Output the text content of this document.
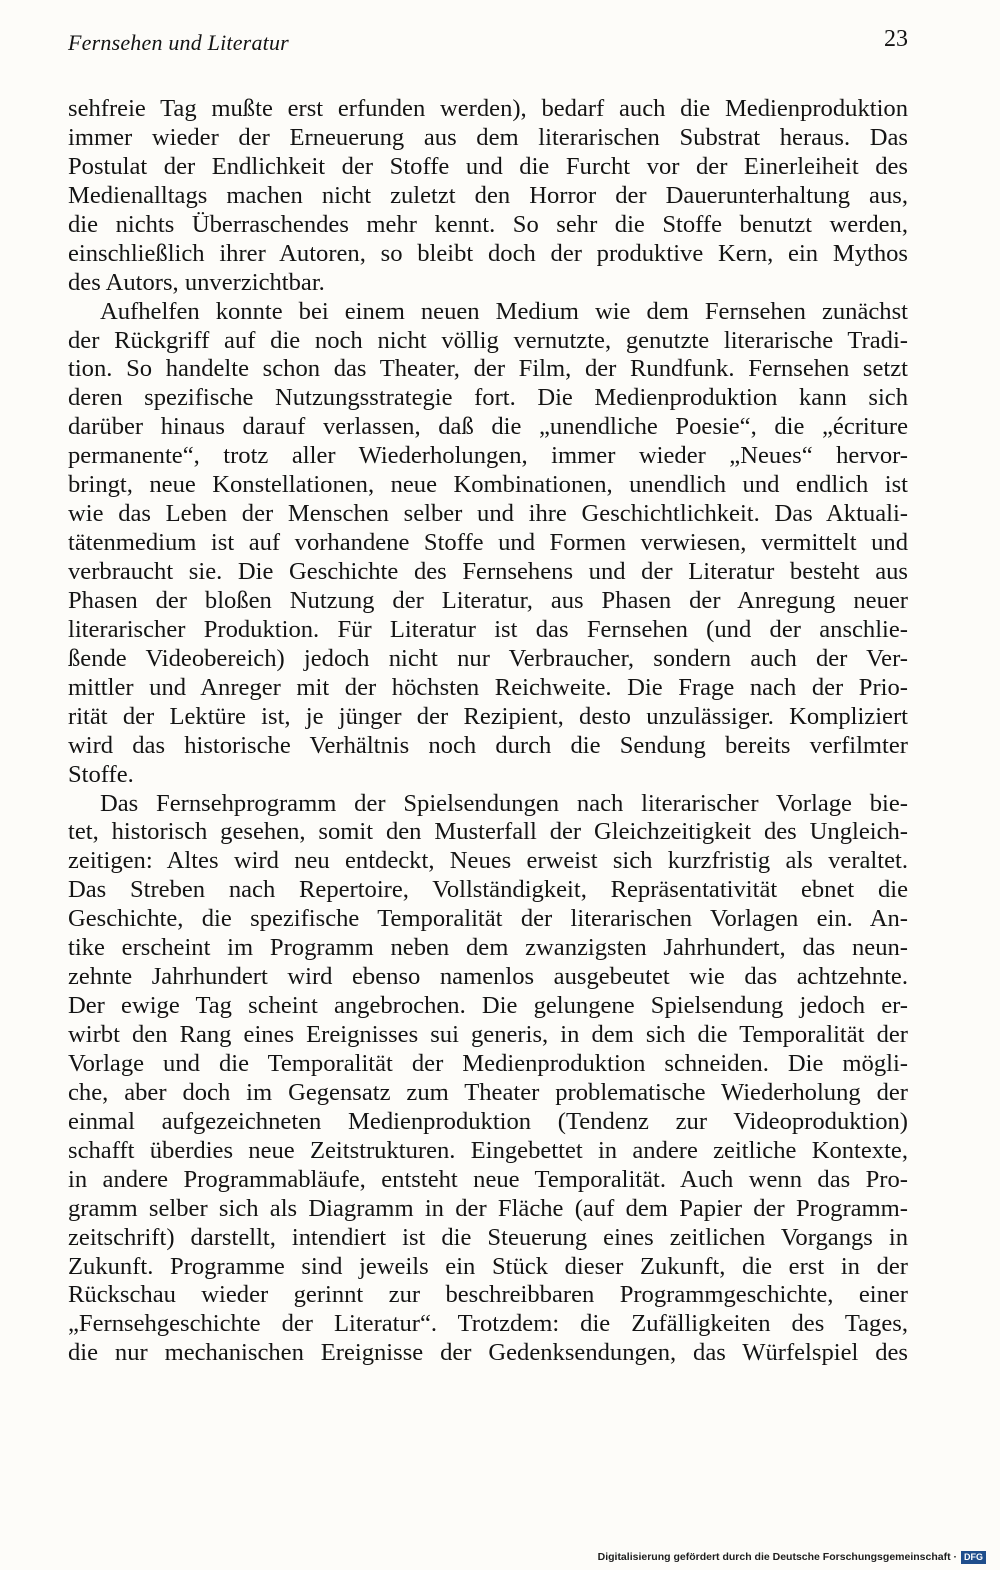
Fernsehen und Literatur	23
sehfreie Tag mußte erst erfunden werden), bedarf auch die Medienproduktion
immer wieder der Erneuerung aus dem literarischen Substrat heraus. Das
Postulat der Endlichkeit der Stoffe und die Furcht vor der Einerleiheit des
Medienalltags machen nicht zuletzt den Horror der Dauerunterhaltung aus,
die nichts Überraschendes mehr kennt. So sehr die Stoffe benutzt werden,
einschließlich ihrer Autoren, so bleibt doch der produktive Kern, ein Mythos
des Autors, unverzichtbar.
Aufhelfen konnte bei einem neuen Medium wie dem Fernsehen zunächst
der Rückgriff auf die noch nicht völlig vernutzte, genutzte literarische Tradi-
tion. So handelte schon das Theater, der Film, der Rundfunk. Fernsehen setzt
deren spezifische Nutzungsstrategie fort. Die Medienproduktion kann sich
darüber hinaus darauf verlassen, daß die „unendliche Poesie“, die „écriture
permanente“, trotz aller Wiederholungen, immer wieder „Neues“ hervor-
bringt, neue Konstellationen, neue Kombinationen, unendlich und endlich ist
wie das Leben der Menschen selber und ihre Geschichtlichkeit. Das Aktuali-
tätenmedium ist auf vorhandene Stoffe und Formen verwiesen, vermittelt und
verbraucht sie. Die Geschichte des Fernsehens und der Literatur besteht aus
Phasen der bloßen Nutzung der Literatur, aus Phasen der Anregung neuer
literarischer Produktion. Für Literatur ist das Fernsehen (und der anschlie-
ßende Videobereich) jedoch nicht nur Verbraucher, sondern auch der Ver-
mittler und Anreger mit der höchsten Reichweite. Die Frage nach der Prio-
rität der Lektüre ist, je jünger der Rezipient, desto unzulässiger. Kompliziert
wird das historische Verhältnis noch durch die Sendung bereits verfilmter
Stoffe.
Das Fernsehprogramm der Spielsendungen nach literarischer Vorlage bie-
tet, historisch gesehen, somit den Musterfall der Gleichzeitigkeit des Ungleich-
zeitigen: Altes wird neu entdeckt, Neues erweist sich kurzfristig als veraltet.
Das Streben nach Repertoire, Vollständigkeit, Repräsentativität ebnet die
Geschichte, die spezifische Temporalität der literarischen Vorlagen ein. An-
tike erscheint im Programm neben dem zwanzigsten Jahrhundert, das neun-
zehnte Jahrhundert wird ebenso namenlos ausgebeutet wie das achtzehnte.
Der ewige Tag scheint angebrochen. Die gelungene Spielsendung jedoch er-
wirbt den Rang eines Ereignisses sui generis, in dem sich die Temporalität der
Vorlage und die Temporalität der Medienproduktion schneiden. Die mögli-
che, aber doch im Gegensatz zum Theater problematische Wiederholung der
einmal aufgezeichneten Medienproduktion (Tendenz zur Videoproduktion)
schafft überdies neue Zeitstrukturen. Eingebettet in andere zeitliche Kontexte,
in andere Programmabläufe, entsteht neue Temporalität. Auch wenn das Pro-
gramm selber sich als Diagramm in der Fläche (auf dem Papier der Programm-
zeitschrift) darstellt, intendiert ist die Steuerung eines zeitlichen Vorgangs in
Zukunft. Programme sind jeweils ein Stück dieser Zukunft, die erst in der
Rückschau wieder gerinnt zur beschreibbaren Programmgeschichte, einer
„Fernsehgeschichte der Literatur“. Trotzdem: die Zufälligkeiten des Tages,
die nur mechanischen Ereignisse der Gedenksendungen, das Würfelspiel des
Digitalisierung gefördert durch die Deutsche Forschungsgemeinschaft · DFG
